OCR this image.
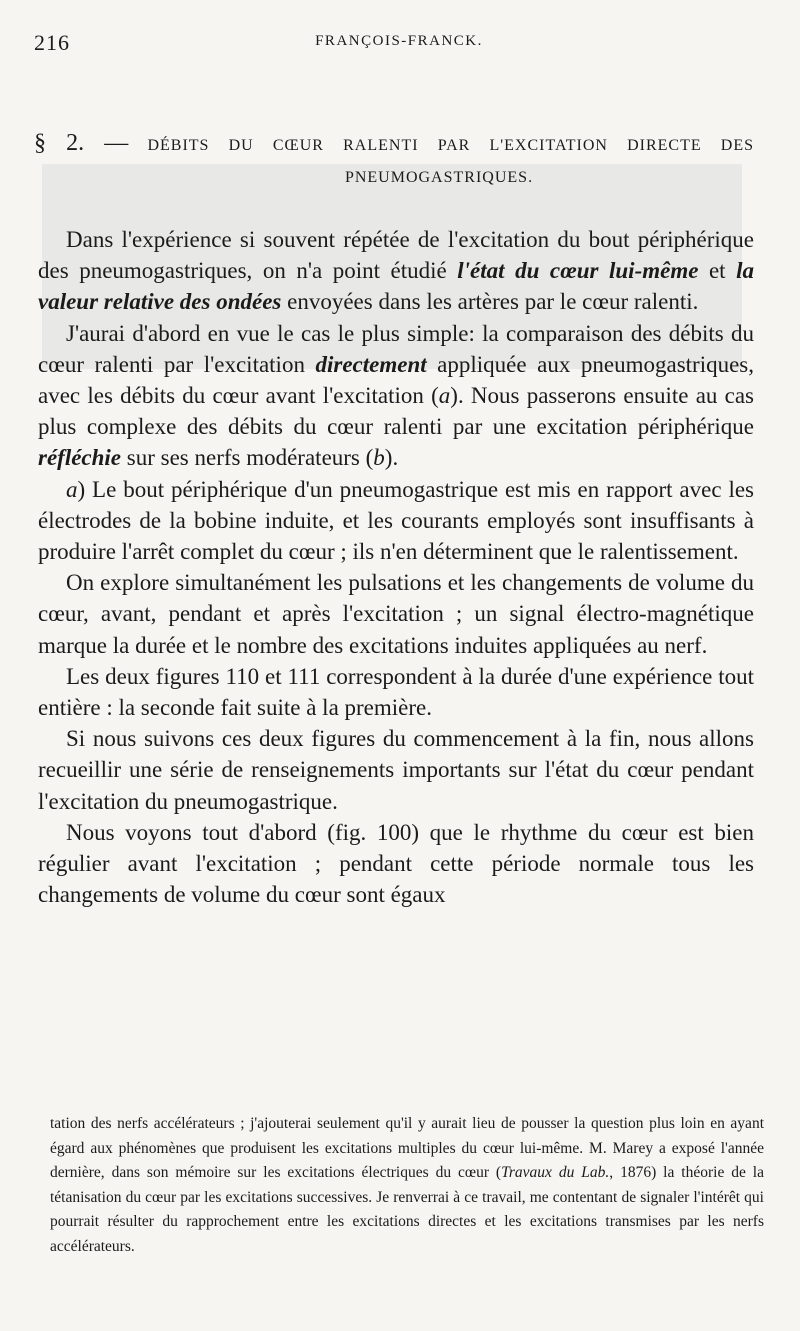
216	FRANÇOIS-FRANCK.
§ 2. — DÉBITS DU CŒUR RALENTI PAR L'EXCITATION DIRECTE DES
PNEUMOGASTRIQUES.

Dans l'expérience si souvent répétée de l'excitation du bout périphérique des pneumogastriques, on n'a point étudié l'état du cœur lui-même et la valeur relative des ondées envoyées dans les artères par le cœur ralenti.

J'aurai d'abord en vue le cas le plus simple: la comparaison des débits du cœur ralenti par l'excitation directement appliquée aux pneumogastriques, avec les débits du cœur avant l'excitation (a). Nous passerons ensuite au cas plus complexe des débits du cœur ralenti par une excitation périphérique réfléchie sur ses nerfs modérateurs (b).

a) Le bout périphérique d'un pneumogastrique est mis en rapport avec les électrodes de la bobine induite, et les courants employés sont insuffisants à produire l'arrêt complet du cœur ; ils n'en déterminent que le ralentissement.

On explore simultanément les pulsations et les changements de volume du cœur, avant, pendant et après l'excitation ; un signal électro-magnétique marque la durée et le nombre des excitations induites appliquées au nerf.

Les deux figures 110 et 111 correspondent à la durée d'une expérience tout entière : la seconde fait suite à la première.

Si nous suivons ces deux figures du commencement à la fin, nous allons recueillir une série de renseignements importants sur l'état du cœur pendant l'excitation du pneumogastrique.

Nous voyons tout d'abord (fig. 100) que le rhythme du cœur est bien régulier avant l'excitation ; pendant cette période normale tous les changements de volume du cœur sont égaux

tation des nerfs accélérateurs ; j'ajouterai seulement qu'il y aurait lieu de pousser la question plus loin en ayant égard aux phénomènes que produisent les excitations multiples du cœur lui-même. M. Marey a exposé l'année dernière, dans son mémoire sur les excitations électriques du cœur (Travaux du Lab., 1876) la théorie de la tétanisation du cœur par les excitations successives. Je renverrai à ce travail, me contentant de signaler l'intérêt qui pourrait résulter du rapprochement entre les excitations directes et les excitations transmises par les nerfs accélérateurs.
